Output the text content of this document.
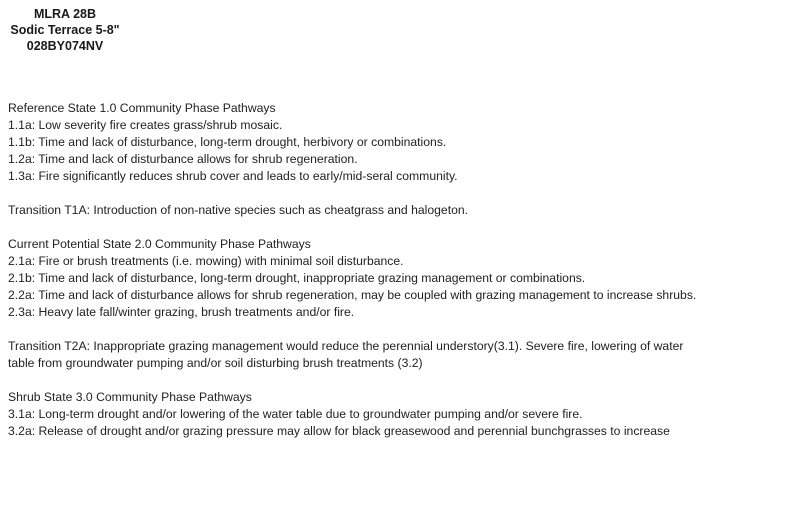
MLRA 28B
Sodic Terrace 5-8"
028BY074NV

Reference State 1.0 Community Phase Pathways

1.1a: Low severity fire creates grass/shrub mosaic.

1.1b: Time and lack of disturbance, long-term drought, herbivory or combinations.

1.2a: Time and lack of disturbance allows for shrub regeneration.

1.3a: Fire significantly reduces shrub cover and leads to early/mid-seral community.

Transition T1A: Introduction of non-native species such as cheatgrass and halogeton.

Current Potential State 2.0 Community Phase Pathways

2.1a: Fire or brush treatments (i.e. mowing) with minimal soil disturbance.

2.1b: Time and lack of disturbance, long-term drought, inappropriate grazing management or combinations.

2.2a: Time and lack of disturbance allows for shrub regeneration, may be coupled with grazing management to increase shrubs.

2.3a: Heavy late fall/winter grazing, brush treatments and/or fire.

Transition T2A: Inappropriate grazing management would reduce the perennial understory(3.1). Severe fire, lowering of water

table from groundwater pumping and/or soil disturbing brush treatments (3.2)

Shrub State 3.0 Community Phase Pathways

3.1a: Long-term drought and/or lowering of the water table due to groundwater pumping and/or severe fire.

3.2a: Release of drought and/or grazing pressure may allow for black greasewood and perennial bunchgrasses to increase
